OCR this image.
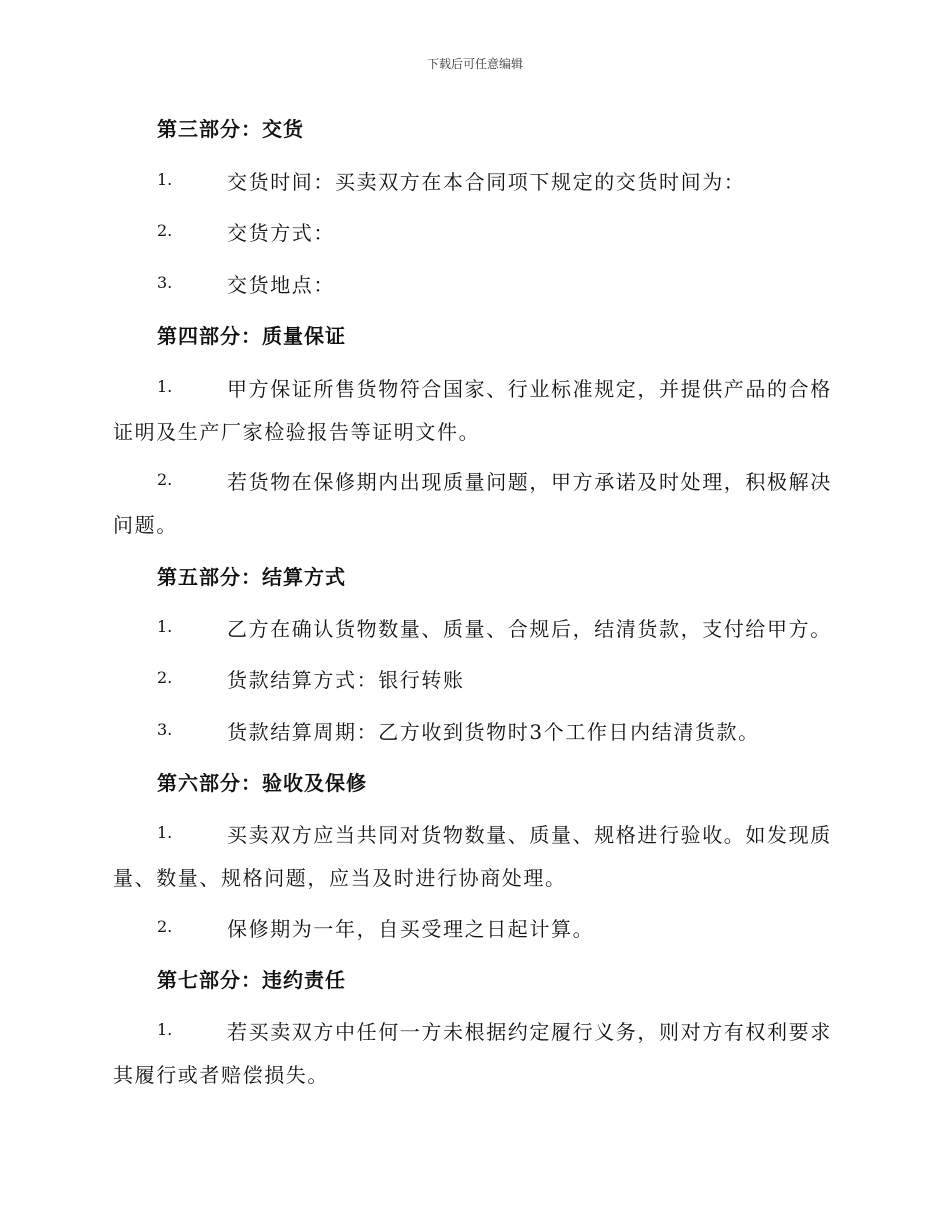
下载后可任意编辑
第三部分：交货
1.	交货时间：买卖双方在本合同项下规定的交货时间为：
2.	交货方式：
3.	交货地点：
第四部分：质量保证
1.	甲方保证所售货物符合国家、行业标准规定，并提供产品的合格
证明及生产厂家检验报告等证明文件。
2.	若货物在保修期内出现质量问题，甲方承诺及时处理，积极解决
问题。
第五部分：结算方式
1.	乙方在确认货物数量、质量、合规后，结清货款，支付给甲方。
2.	货款结算方式：银行转账
3.	货款结算周期：乙方收到货物时3个工作日内结清货款。
第六部分：验收及保修
1.	买卖双方应当共同对货物数量、质量、规格进行验收。如发现质
量、数量、规格问题，应当及时进行协商处理。
2.	保修期为一年，自买受理之日起计算。
第七部分：违约责任
1.	若买卖双方中任何一方未根据约定履行义务，则对方有权利要求
其履行或者赔偿损失。
